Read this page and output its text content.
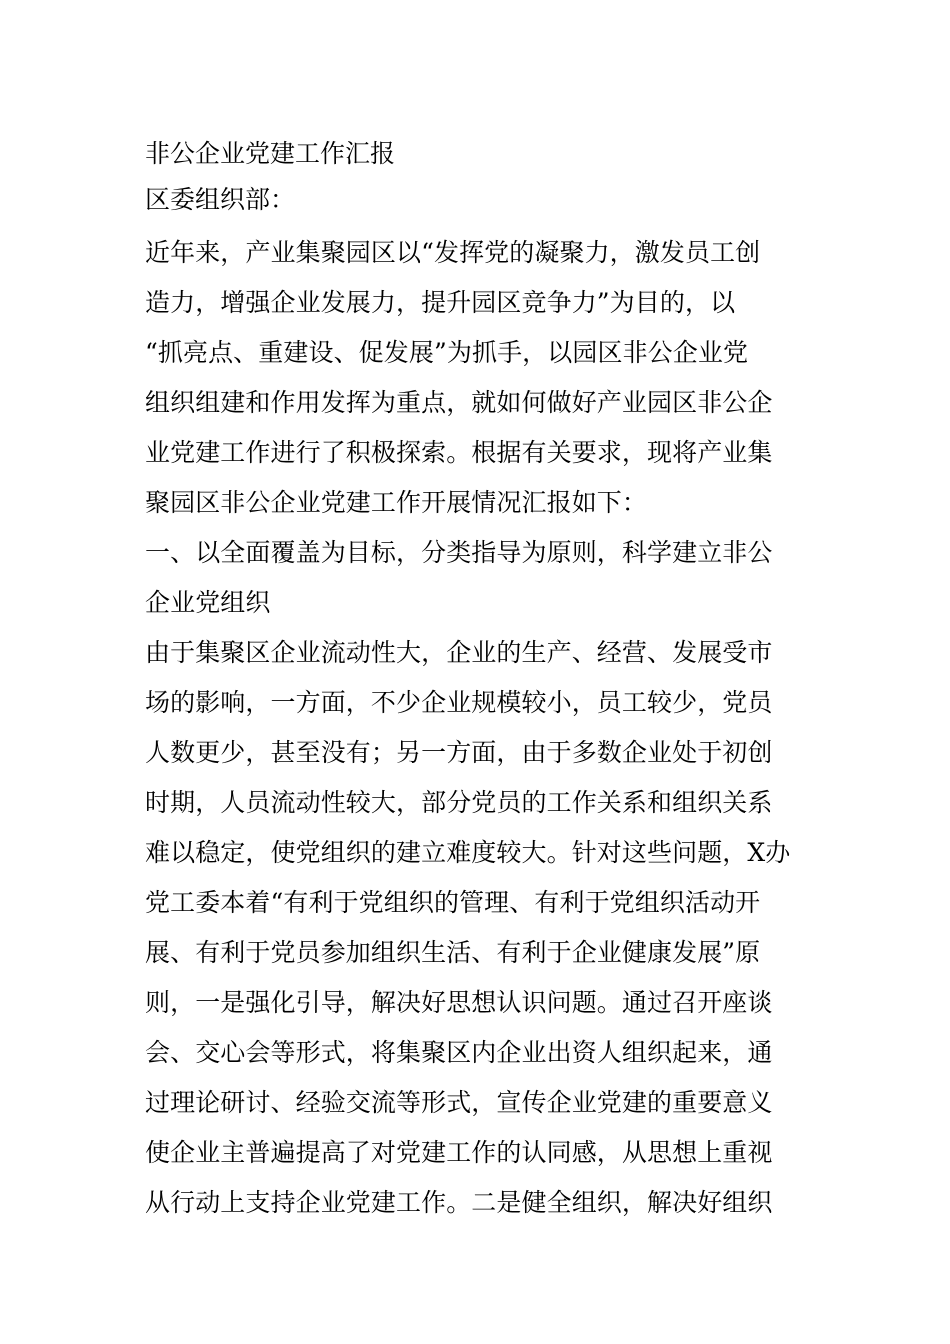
非公企业党建工作汇报
区委组织部：
近年来，产业集聚园区以“发挥党的凝聚力，激发员工创
造力，增强企业发展力，提升园区竞争力”为目的，以
“抓亮点、重建设、促发展”为抓手，以园区非公企业党
组织组建和作用发挥为重点，就如何做好产业园区非公企
业党建工作进行了积极探索。根据有关要求，现将产业集
聚园区非公企业党建工作开展情况汇报如下：
一、以全面覆盖为目标，分类指导为原则，科学建立非公
企业党组织
由于集聚区企业流动性大，企业的生产、经营、发展受市
场的影响，一方面，不少企业规模较小，员工较少，党员
人数更少，甚至没有；另一方面，由于多数企业处于初创
时期，人员流动性较大，部分党员的工作关系和组织关系
难以稳定，使党组织的建立难度较大。针对这些问题，X办
党工委本着“有利于党组织的管理、有利于党组织活动开
展、有利于党员参加组织生活、有利于企业健康发展”原
则，一是强化引导，解决好思想认识问题。通过召开座谈
会、交心会等形式，将集聚区内企业出资人组织起来，通
过理论研讨、经验交流等形式，宣传企业党建的重要意义
使企业主普遍提高了对党建工作的认同感，从思想上重视
从行动上支持企业党建工作。二是健全组织，解决好组织
